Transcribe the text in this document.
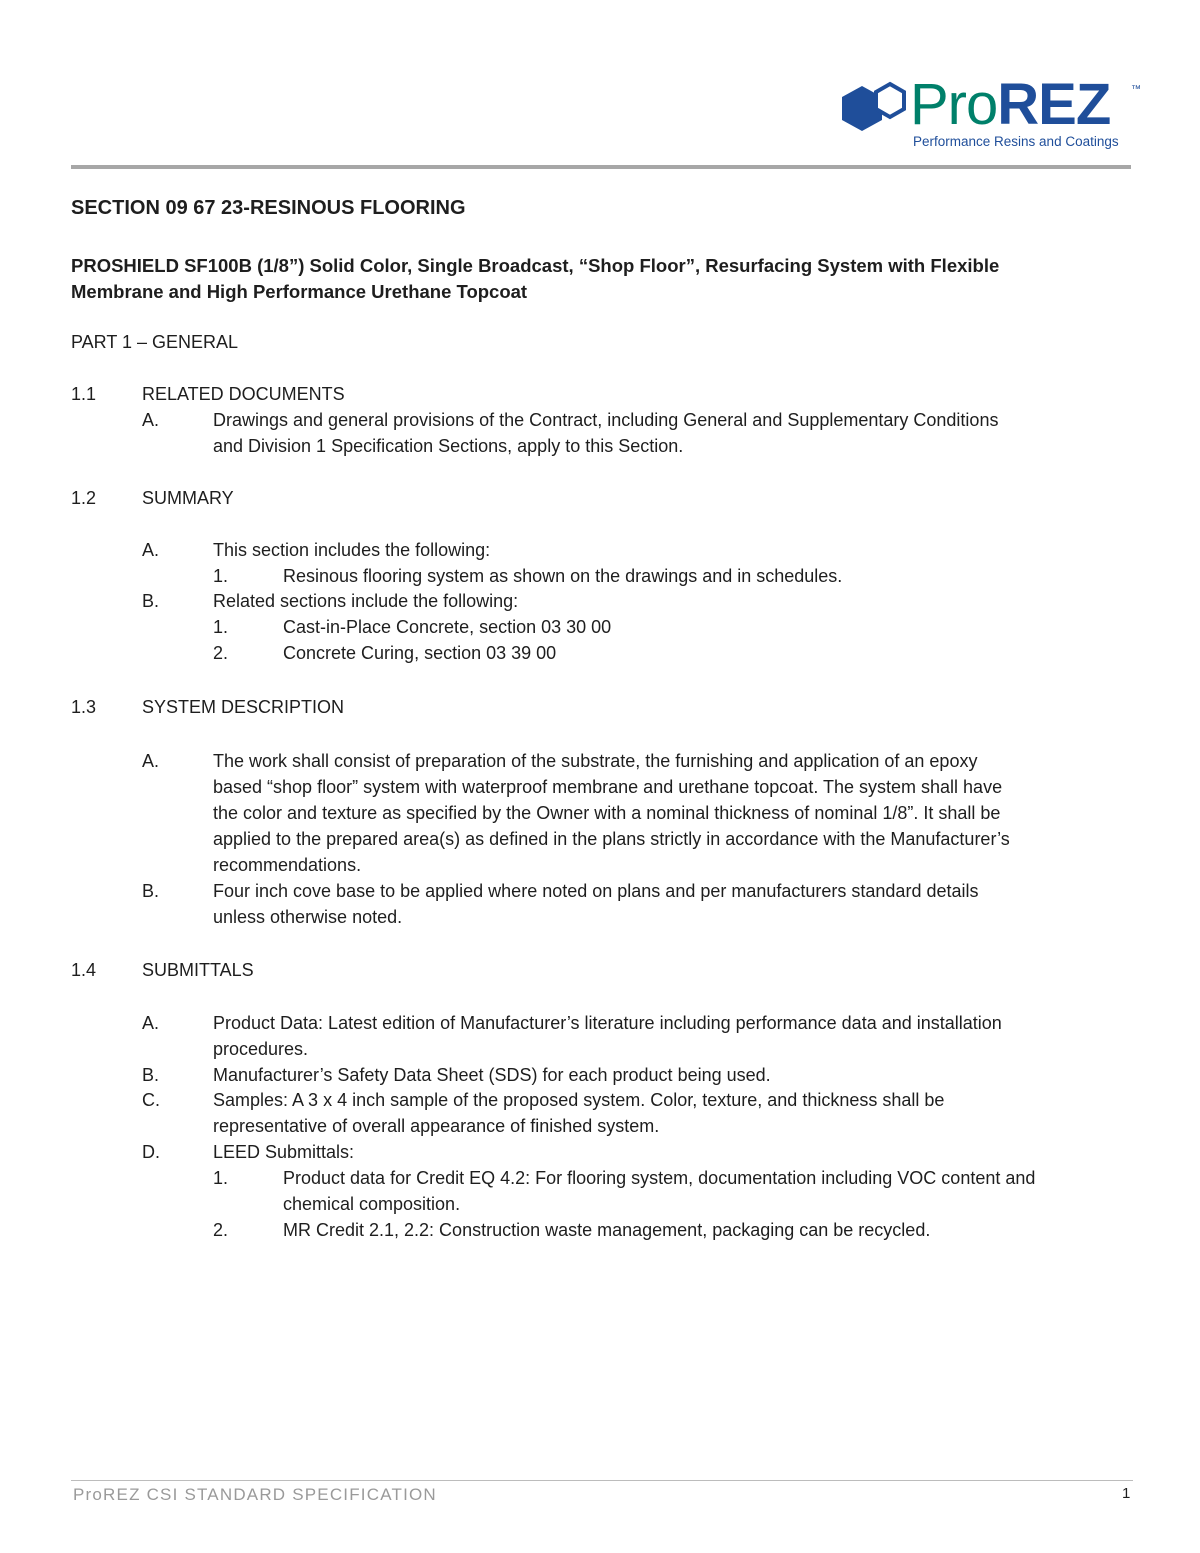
ProREZ ™
Performance Resins and Coatings
SECTION 09 67 23-RESINOUS FLOORING
PROSHIELD SF100B (1/8”) Solid Color, Single Broadcast, “Shop Floor”, Resurfacing System with Flexible Membrane and High Performance Urethane Topcoat
PART 1 – GENERAL
1.1	RELATED DOCUMENTS
A.	Drawings and general provisions of the Contract, including General and Supplementary Conditions
and Division 1 Specification Sections, apply to this Section.
1.2	SUMMARY
A.	This section includes the following:
1.	Resinous flooring system as shown on the drawings and in schedules.
B.	Related sections include the following:
1.	Cast-in-Place Concrete, section 03 30 00
2.	Concrete Curing, section 03 39 00
1.3	SYSTEM DESCRIPTION
A.	The work shall consist of preparation of the substrate, the furnishing and application of an epoxy
based “shop floor” system with waterproof membrane and urethane topcoat. The system shall have
the color and texture as specified by the Owner with a nominal thickness of nominal 1/8”. It shall be
applied to the prepared area(s) as defined in the plans strictly in accordance with the Manufacturer’s
recommendations.
B.	Four inch cove base to be applied where noted on plans and per manufacturers standard details
unless otherwise noted.
1.4	SUBMITTALS
A.	Product Data: Latest edition of Manufacturer’s literature including performance data and installation
procedures.
B.	Manufacturer’s Safety Data Sheet (SDS) for each product being used.
C.	Samples: A 3 x 4 inch sample of the proposed system. Color, texture, and thickness shall be
representative of overall appearance of finished system.
D.	LEED Submittals:
1.	Product data for Credit EQ 4.2: For flooring system, documentation including VOC content and
chemical composition.
2.	MR Credit 2.1, 2.2: Construction waste management, packaging can be recycled.
ProREZ CSI STANDARD SPECIFICATION	1
